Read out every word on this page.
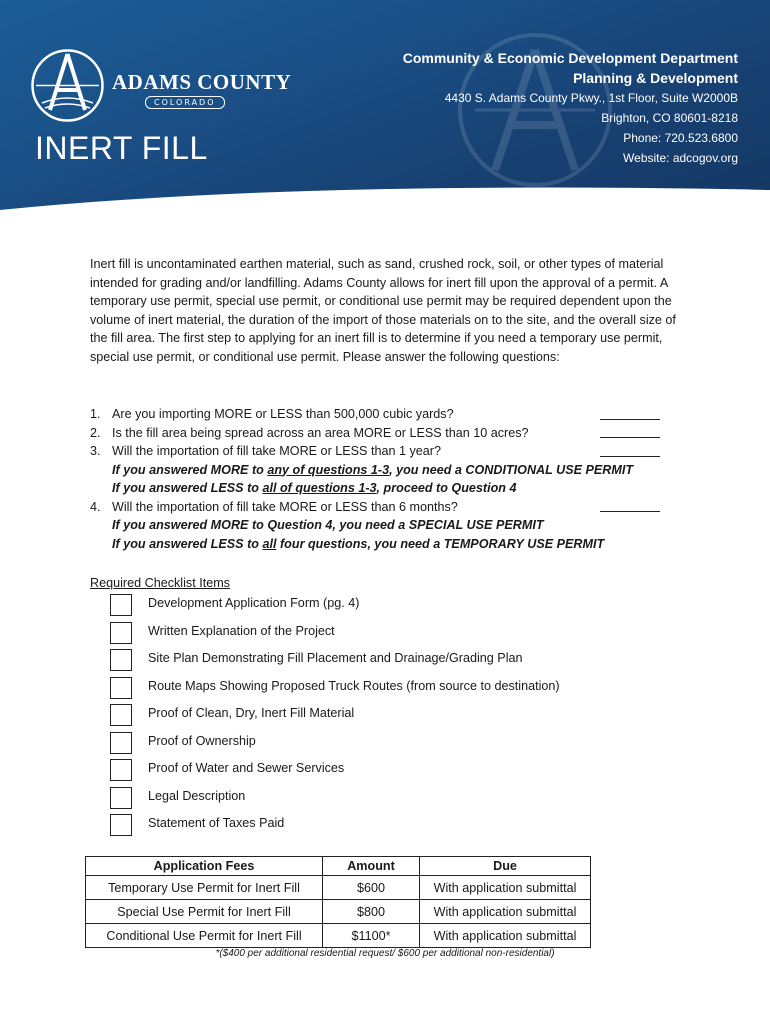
ADAMS COUNTY
COLORADO
INERT FILL
Community & Economic Development Department
Planning & Development
4430 S. Adams County Pkwy., 1st Floor, Suite W2000B
Brighton, CO 80601-8218
Phone: 720.523.6800
Website: adcogov.org
Inert fill is uncontaminated earthen material, such as sand, crushed rock, soil, or other types of material intended for grading and/or landfilling. Adams County allows for inert fill upon the approval of a permit. A temporary use permit, special use permit, or conditional use permit may be required dependent upon the volume of inert material, the duration of the import of those materials on to the site, and the overall size of the fill area. The first step to applying for an inert fill is to determine if you need a temporary use permit, special use permit, or conditional use permit. Please answer the following questions:
1. Are you importing MORE or LESS than 500,000 cubic yards?
2. Is the fill area being spread across an area MORE or LESS than 10 acres?
3. Will the importation of fill take MORE or LESS than 1 year?
If you answered MORE to any of questions 1-3, you need a CONDITIONAL USE PERMIT
If you answered LESS to all of questions 1-3, proceed to Question 4
4. Will the importation of fill take MORE or LESS than 6 months?
If you answered MORE to Question 4, you need a SPECIAL USE PERMIT
If you answered LESS to all four questions, you need a TEMPORARY USE PERMIT
Required Checklist Items
Development Application Form (pg. 4)
Written Explanation of the Project
Site Plan Demonstrating Fill Placement and Drainage/Grading Plan
Route Maps Showing Proposed Truck Routes (from source to destination)
Proof of Clean, Dry, Inert Fill Material
Proof of Ownership
Proof of Water and Sewer Services
Legal Description
Statement of Taxes Paid
Application Fees	Amount	Due
Temporary Use Permit for Inert Fill	$600	With application submittal
Special Use Permit for Inert Fill	$800	With application submittal
Conditional Use Permit for Inert Fill	$1100*	With application submittal
*($400 per additional residential request/ $600 per additional non-residential)
